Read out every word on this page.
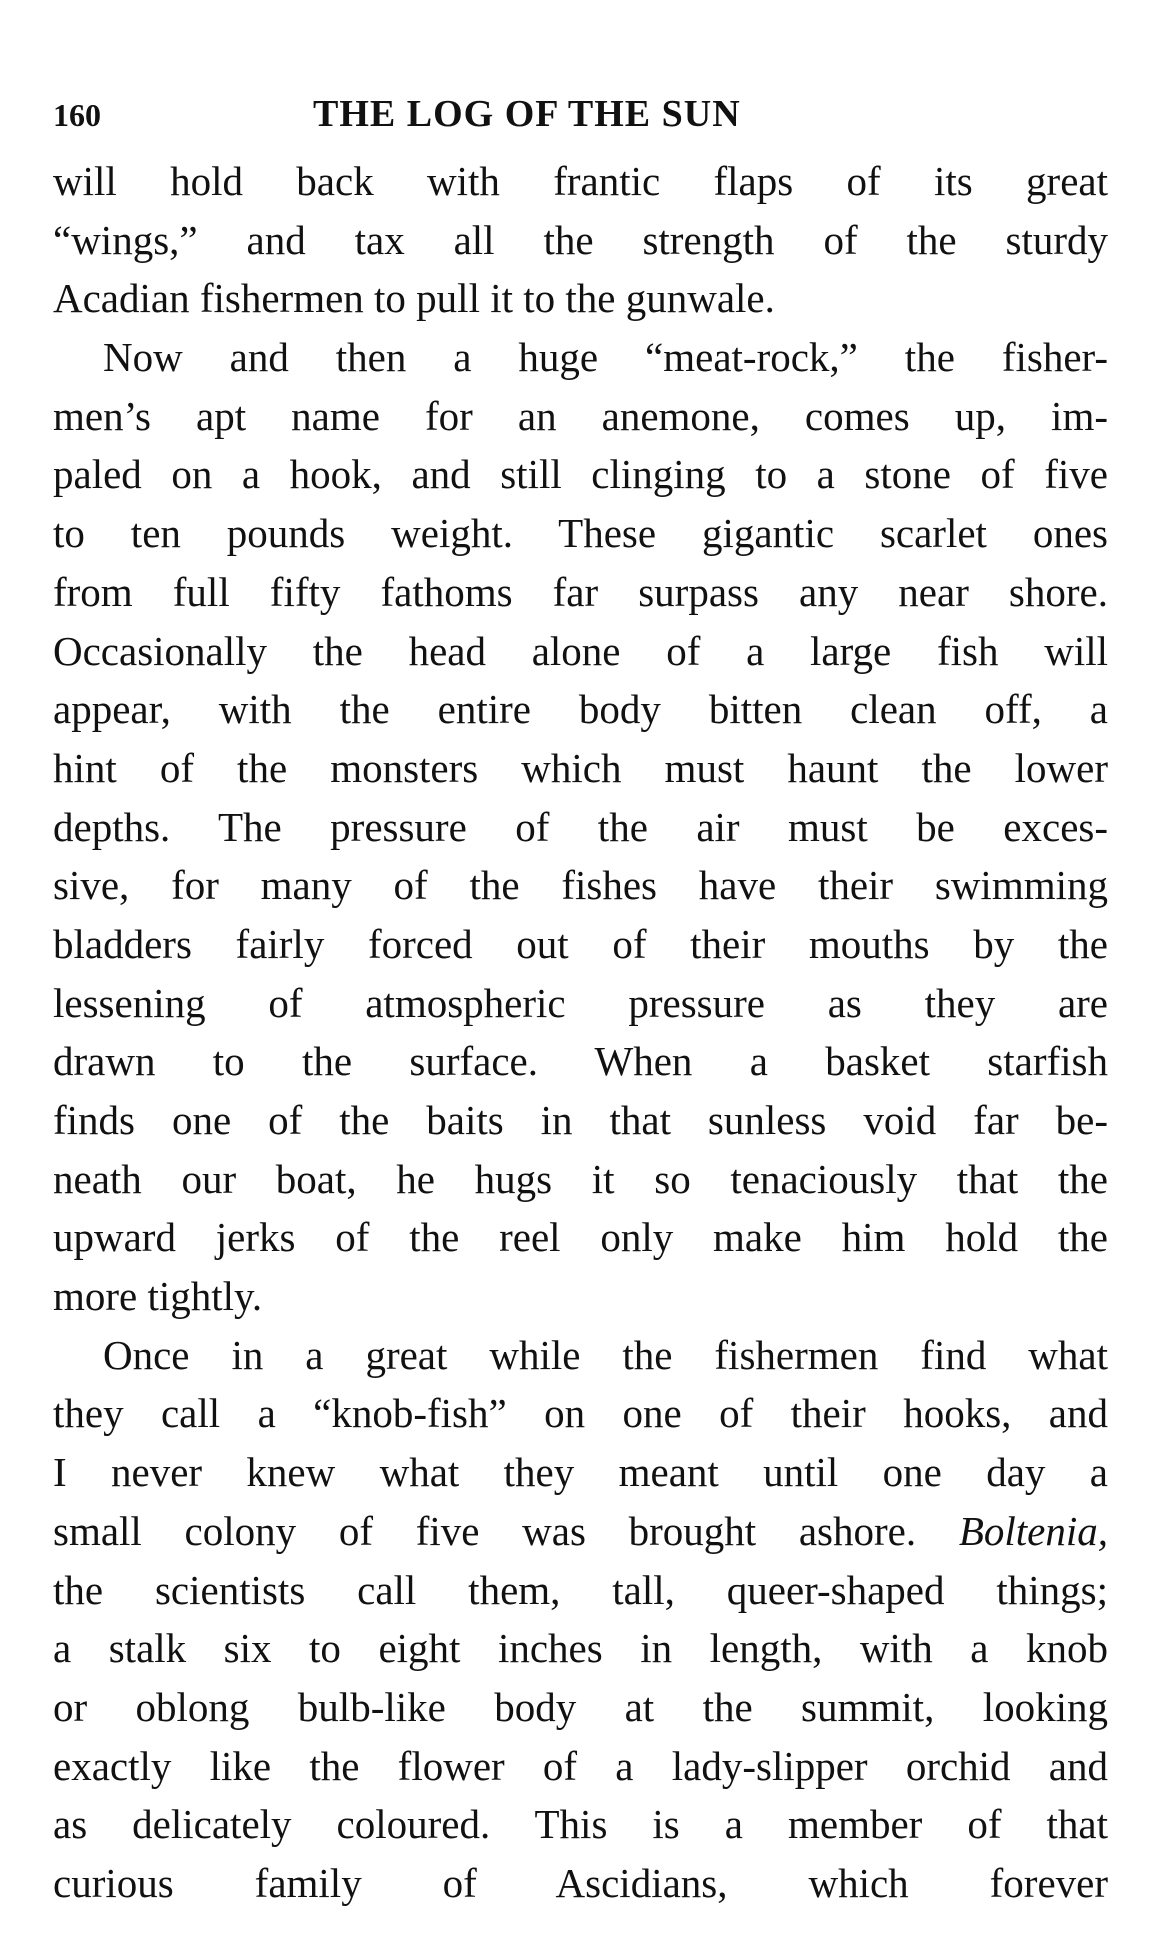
160	THE LOG OF THE SUN
will hold back with frantic flaps of its great
“wings,” and tax all the strength of the sturdy
Acadian fishermen to pull it to the gunwale.
Now and then a huge “meat-rock,” the fisher-
men’s apt name for an anemone, comes up, im-
paled on a hook, and still clinging to a stone of five
to ten pounds weight. These gigantic scarlet ones
from full fifty fathoms far surpass any near shore.
Occasionally the head alone of a large fish will
appear, with the entire body bitten clean off, a
hint of the monsters which must haunt the lower
depths. The pressure of the air must be exces-
sive, for many of the fishes have their swimming
bladders fairly forced out of their mouths by the
lessening of atmospheric pressure as they are
drawn to the surface. When a basket starfish
finds one of the baits in that sunless void far be-
neath our boat, he hugs it so tenaciously that the
upward jerks of the reel only make him hold the
more tightly.
Once in a great while the fishermen find what
they call a “knob-fish” on one of their hooks, and
I never knew what they meant until one day a
small colony of five was brought ashore. Boltenia,
the scientists call them, tall, queer-shaped things;
a stalk six to eight inches in length, with a knob
or oblong bulb-like body at the summit, looking
exactly like the flower of a lady-slipper orchid and
as delicately coloured. This is a member of that
curious family of Ascidians, which forever
